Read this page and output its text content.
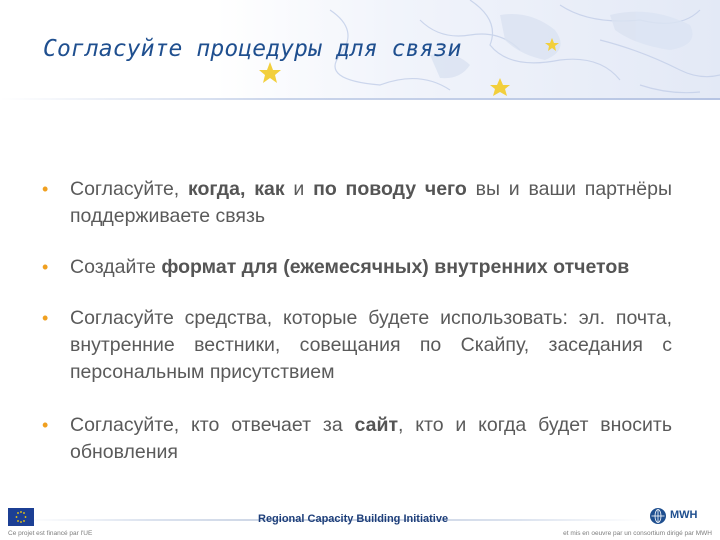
Согласуйте процедуры для связи
• Согласуйте, когда, как и по поводу чего вы и ваши партнёры поддерживаете связь
• Создайте формат для (ежемесячных) внутренних отчетов
• Согласуйте средства, которые будете использовать: эл. почта, внутренние вестники, совещания по Скайпу, заседания с персональным присутствием
• Согласуйте, кто отвечает за сайт, кто и когда будет вносить обновления
Ce projet est financé par l'UE
Regional Capacity Building Initiative	MWH
et mis en oeuvre par un consortium dirigé par MWH
